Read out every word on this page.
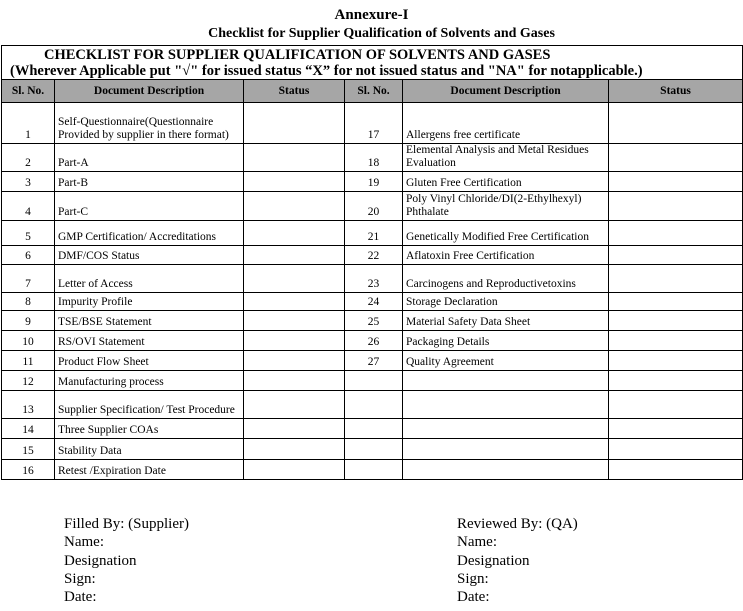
Annexure-I
Checklist for Supplier Qualification of Solvents and Gases
CHECKLIST FOR SUPPLIER QUALIFICATION OF SOLVENTS AND GASES
(Wherever Applicable put "√" for issued status “X” for not issued status and "NA" for notapplicable.)					

Sl. No.	Document Description	Status	Sl. No.	Document Description	Status
1	Self-Questionnaire(Questionnaire Provided by supplier in there format)		17	Allergens free certificate	
2	Part-A		18	Elemental Analysis and Metal Residues Evaluation	
3	Part-B		19	Gluten Free Certification	
4	Part-C		20	Poly Vinyl Chloride/DI(2-Ethylhexyl) Phthalate	
5	GMP Certification/ Accreditations		21	Genetically Modified Free Certification	
6	DMF/COS Status		22	Aflatoxin Free Certification	
7	Letter of Access		23	Carcinogens and Reproductivetoxins	
8	Impurity Profile		24	Storage Declaration	
9	TSE/BSE Statement		25	Material Safety Data Sheet	
10	RS/OVI Statement		26	Packaging Details	
11	Product Flow Sheet		27	Quality Agreement	
12	Manufacturing process				
13	Supplier Specification/ Test Procedure				
14	Three Supplier COAs				
15	Stability Data				
16	Retest /Expiration Date				
Filled By: (Supplier)
Name:
Designation
Sign:
Date:
Reviewed By: (QA)
Name:
Designation
Sign:
Date:
